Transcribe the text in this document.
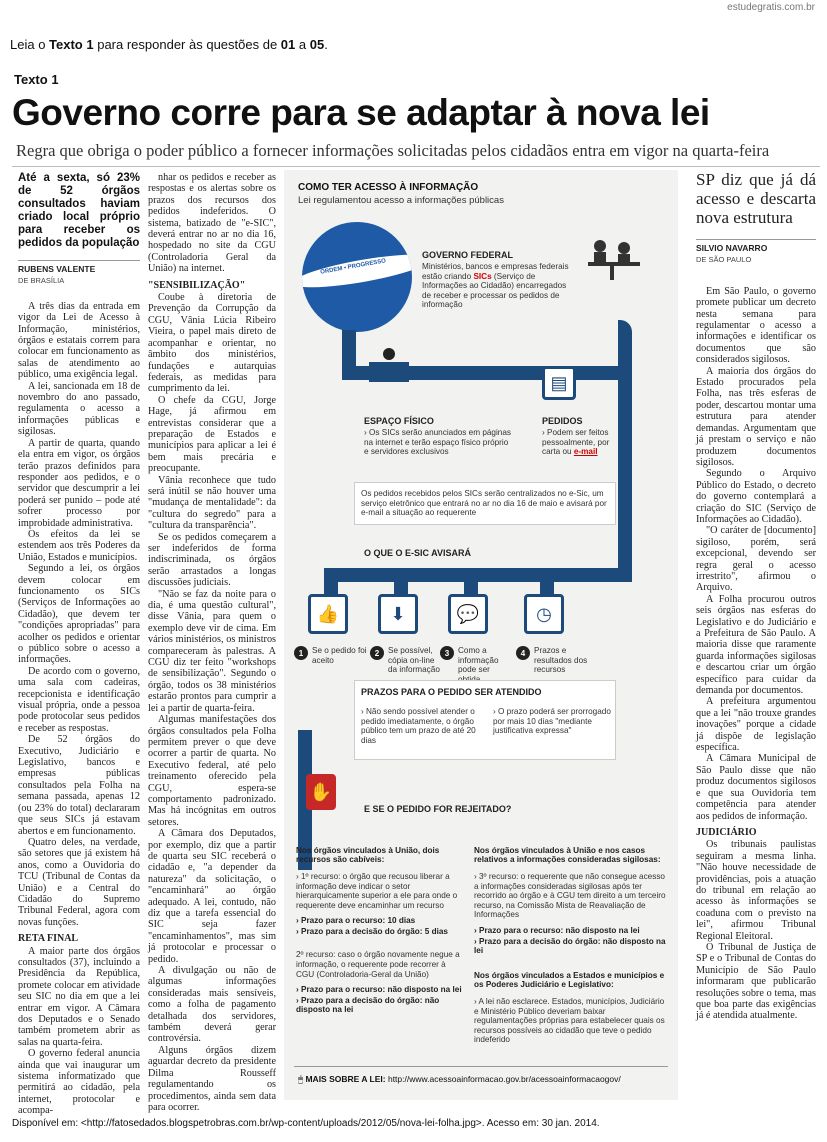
estudegratis.com.br
Leia o Texto 1 para responder às questões de 01 a 05.
Texto 1
Governo corre para se adaptar à nova lei
Regra que obriga o poder público a fornecer informações solicitadas pelos cidadãos entra em vigor na quarta-feira
Até a sexta, só 23% de 52 órgãos consultados haviam criado local próprio para receber os pedidos da população
RUBENS VALENTE
DE BRASÍLIA

A três dias da entrada em vigor da Lei de Acesso à Informação, ministérios, órgãos e estatais correm para colocar em funcionamento as salas de atendimento ao público, uma exigência legal.

A lei, sancionada em 18 de novembro do ano passado, regulamenta o acesso a informações públicas e sigilosas.

A partir de quarta, quando ela entra em vigor, os órgãos terão prazos definidos para responder aos pedidos, e o servidor que descumprir a lei poderá ser punido – pode até sofrer processo por improbidade administrativa.

Os efeitos da lei se estendem aos três Poderes da União, Estados e municípios.

Segundo a lei, os órgãos devem colocar em funcionamento os SICs (Serviços de Informações ao Cidadão), que devem ter "condições apropriadas" para acolher os pedidos e orientar o público sobre o acesso a informações.

De acordo com o governo, uma sala com cadeiras, recepcionista e identificação visual própria, onde a pessoa pode protocolar seus pedidos e receber as respostas.

De 52 órgãos do Executivo, Judiciário e Legislativo, bancos e empresas públicas consultados pela Folha na semana passada, apenas 12 (ou 23% do total) declararam que seus SICs já estavam abertos e em funcionamento.

Quatro deles, na verdade, são setores que já existem há anos, como a Ouvidoria do TCU (Tribunal de Contas da União) e a Central do Cidadão do Supremo Tribunal Federal, agora com novas funções.

RETA FINAL

A maior parte dos órgãos consultados (37), incluindo a Presidência da República, promete colocar em atividade seu SIC no dia em que a lei entrar em vigor. A Câmara dos Deputados e o Senado também prometem abrir as salas na quarta-feira.

O governo federal anuncia ainda que vai inaugurar um sistema informatizado que permitirá ao cidadão, pela internet, protocolar e acompa-

nhar os pedidos e receber as respostas e os alertas sobre os prazos dos recursos dos pedidos indeferidos. O sistema, batizado de "e-SIC", deverá entrar no ar no dia 16, hospedado no site da CGU (Controladoria Geral da União) na internet.

"SENSIBILIZAÇÃO"

Coube à diretoria de Prevenção da Corrupção da CGU, Vânia Lúcia Ribeiro Vieira, o papel mais direto de acompanhar e orientar, no âmbito dos ministérios, fundações e autarquias federais, as medidas para cumprimento da lei.

O chefe da CGU, Jorge Hage, já afirmou em entrevistas considerar que a preparação de Estados e municípios para aplicar a lei é bem mais precária e preocupante.

Vânia reconhece que tudo será inútil se não houver uma "mudança de mentalidade": da "cultura do segredo" para a "cultura da transparência".

Se os pedidos começarem a ser indeferidos de forma indiscriminada, os órgãos serão arrastados a longas discussões judiciais.

"Não se faz da noite para o dia, é uma questão cultural", disse Vânia, para quem o exemplo deve vir de cima. Em vários ministérios, os ministros compareceram às palestras. A CGU diz ter feito "workshops de sensibilização". Segundo o órgão, todos os 38 ministérios estarão prontos para cumprir a lei a partir de quarta-feira.

Algumas manifestações dos órgãos consultados pela Folha permitem prever o que deve ocorrer a partir de quarta. No Executivo federal, até pelo treinamento oferecido pela CGU, espera-se comportamento padronizado. Mas há incógnitas em outros setores.

A Câmara dos Deputados, por exemplo, diz que a partir de quarta seu SIC receberá o cidadão e, "a depender da natureza" da solicitação, o "encaminhará" ao órgão adequado. A lei, contudo, não diz que a tarefa essencial do SIC seja fazer "encaminhamentos", mas sim já protocolar e processar o pedido.

A divulgação ou não de algumas informações consideradas mais sensíveis, como a folha de pagamento detalhada dos servidores, também deverá gerar controvérsia.

Alguns órgãos dizem aguardar decreto da presidente Dilma Rousseff regulamentando os procedimentos, ainda sem data para ocorrer.

COMO TER ACESSO À INFORMAÇÃO
Lei regulamentou acesso a informações públicas
ORDEM • PROGRESSO
GOVERNO FEDERAL
Ministérios, bancos e empresas federais estão criando SICs (Serviço de Informações ao Cidadão) encarregados de receber e processar os pedidos de informação
▤
ESPAÇO FÍSICO
› Os SICs serão anunciados em páginas na internet e terão espaço físico próprio e servidores exclusivos
PEDIDOS
› Podem ser feitos pessoalmente, por carta ou e-mail
Os pedidos recebidos pelos SICs serão centralizados no e-Sic, um serviço eletrônico que entrará no ar no dia 16 de maio e avisará por e-mail a situação ao requerente
O QUE O E-SIC AVISARÁ
👍	⬇	💬	◷
1	Se o pedido foi aceito
2	Se possível, cópia on-line da informação
3	Como a informação pode ser
4	Prazos e resultados dos recursos
PRAZOS PARA O PEDIDO SER ATENDIDO
› Não sendo possível atender o pedido imediatamente, o órgão público tem um prazo de até 20 dias
› O prazo poderá ser prorrogado por mais 10 dias "mediante justificativa expressa"
✋
E SE O PEDIDO FOR REJEITADO?
Nos órgãos vinculados à União, dois recursos são cabíveis:
› 1º recurso: o órgão que recusou liberar a informação deve indicar o setor hierarquicamente superior a ele para onde o requerente deve encaminhar um recurso
› Prazo para o recurso: 10 dias
› Prazo para a decisão do órgão: 5 dias
2º recurso: caso o órgão novamente negue a informação, o requerente pode recorrer à CGU (Controladoria-Geral da União)
› Prazo para o recurso: não disposto na lei
› Prazo para a decisão do órgão: não disposto na lei
Nos órgãos vinculados à União e nos casos relativos a informações consideradas sigilosas:
› 3º recurso: o requerente que não consegue acesso a informações consideradas sigilosas após ter recorrido ao órgão e à CGU tem direito a um terceiro recurso, na Comissão Mista de Reavaliação de Informações
› Prazo para o recurso: não disposto na lei
› Prazo para a decisão do órgão: não disposto na lei
Nos órgãos vinculados a Estados e municípios e os Poderes Judiciário e Legislativo:
› A lei não esclarece. Estados, municípios, Judiciário e Ministério Público deveriam baixar regulamentações próprias para estabelecer quais os recursos possíveis ao cidadão que teve o pedido indeferido
🖱 MAIS SOBRE A LEI: http://www.acessoainformacao.gov.br/acessoainformacaogov/
SP diz que já dá acesso e descarta nova estrutura
SILVIO NAVARRO
DE SÃO PAULO

Em São Paulo, o governo promete publicar um decreto nesta semana para regulamentar o acesso a informações e identificar os documentos que são considerados sigilosos.

A maioria dos órgãos do Estado procurados pela Folha, nas três esferas de poder, descartou montar uma estrutura para atender demandas. Argumentam que já prestam o serviço e não produzem documentos sigilosos.

Segundo o Arquivo Público do Estado, o decreto do governo contemplará a criação do SIC (Serviço de Informações ao Cidadão).

"O caráter de [documento] sigiloso, porém, será excepcional, devendo ser regra geral o acesso irrestrito", afirmou o Arquivo.

A Folha procurou outros seis órgãos nas esferas do Legislativo e do Judiciário e a Prefeitura de São Paulo. A maioria disse que raramente guarda informações sigilosas e descartou criar um órgão específico para cuidar da demanda por documentos.

A prefeitura argumentou que a lei "não trouxe grandes inovações" porque a cidade já dispõe de legislação específica.

A Câmara Municipal de São Paulo disse que não produz documentos sigilosos e que sua Ouvidoria tem competência para atender aos pedidos de informação.

JUDICIÁRIO

Os tribunais paulistas seguiram a mesma linha. "Não houve necessidade de providências, pois a atuação do tribunal em relação ao acesso às informações se coaduna com o previsto na lei", afirmou Tribunal Regional Eleitoral.

O Tribunal de Justiça de SP e o Tribunal de Contas do Município de São Paulo informaram que publicarão resoluções sobre o tema, mas que boa parte das exigências já é atendida atualmente.

Disponível em: <http://fatosedados.blogspetrobras.com.br/wp-content/uploads/2012/05/nova-lei-folha.jpg>. Acesso em: 30 jan. 2014.
